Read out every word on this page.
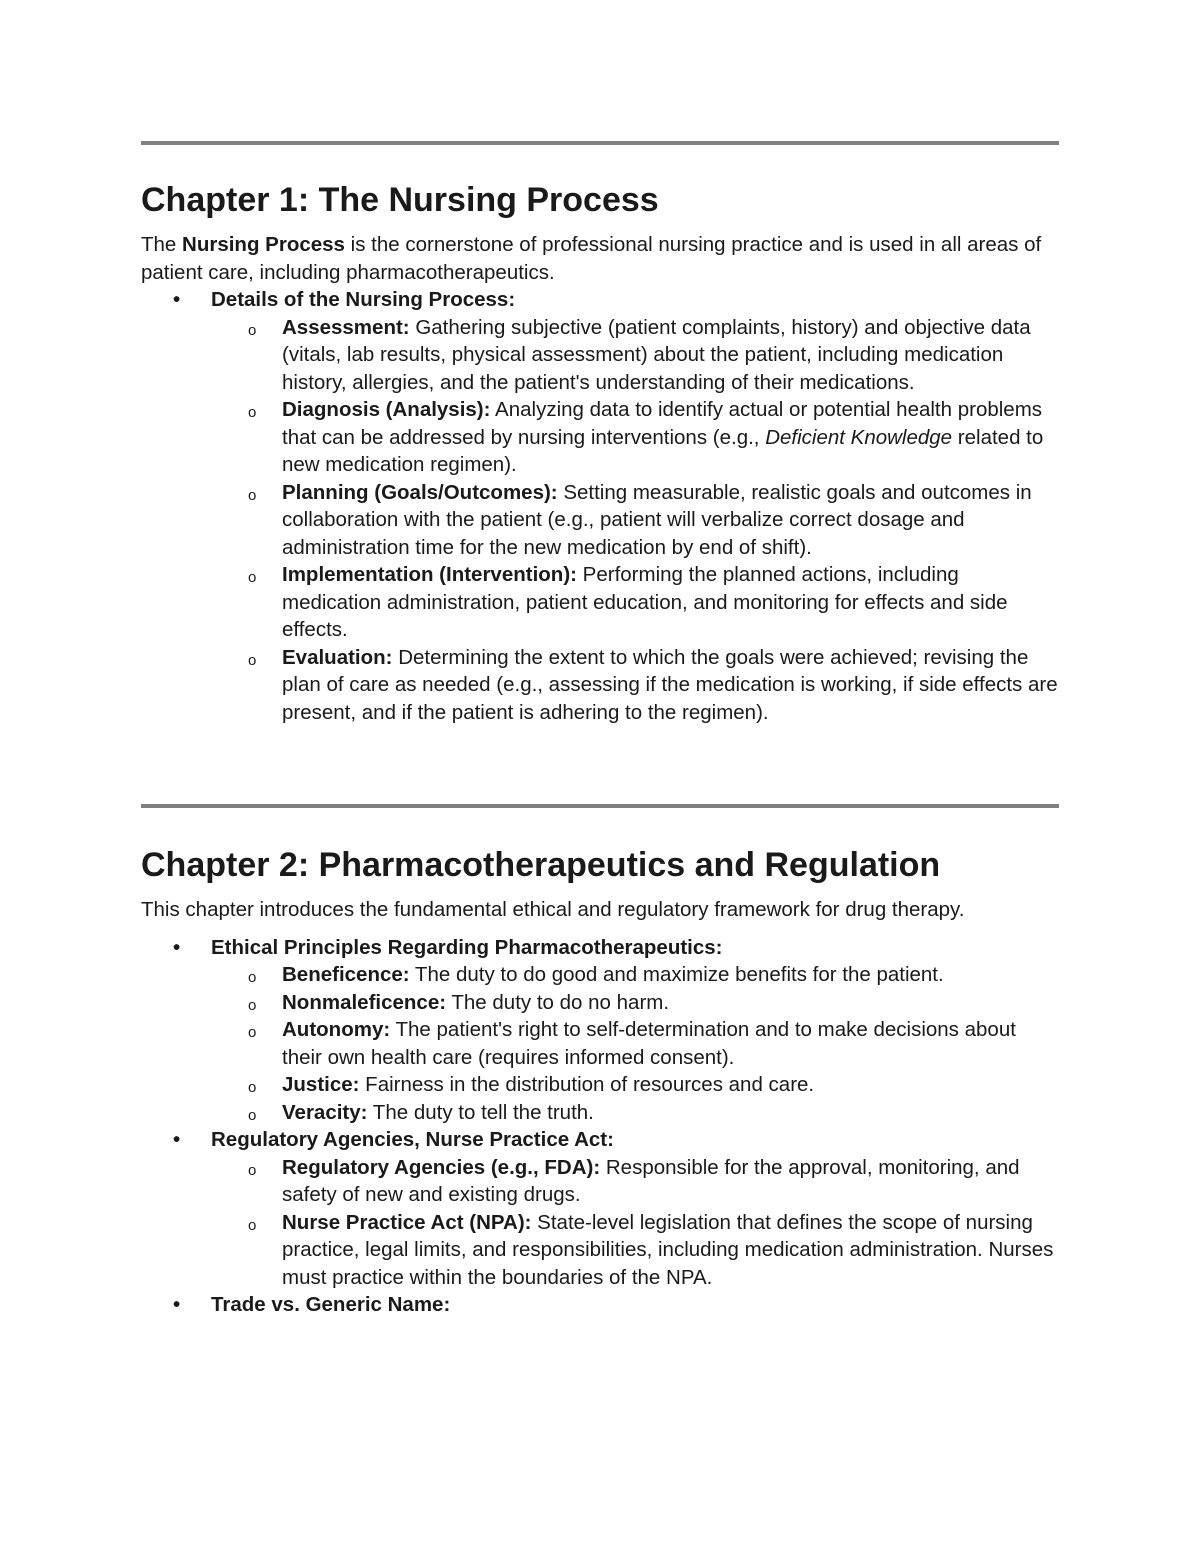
Chapter 1: The Nursing Process

The Nursing Process is the cornerstone of professional nursing practice and is used in all areas of patient care, including pharmacotherapeutics.

• Details of the Nursing Process:
o Assessment: Gathering subjective (patient complaints, history) and objective data (vitals, lab results, physical assessment) about the patient, including medication history, allergies, and the patient's understanding of their medications.
o Diagnosis (Analysis): Analyzing data to identify actual or potential health problems that can be addressed by nursing interventions (e.g., Deficient Knowledge related to new medication regimen).
o Planning (Goals/Outcomes): Setting measurable, realistic goals and outcomes in collaboration with the patient (e.g., patient will verbalize correct dosage and administration time for the new medication by end of shift).
o Implementation (Intervention): Performing the planned actions, including medication administration, patient education, and monitoring for effects and side effects.
o Evaluation: Determining the extent to which the goals were achieved; revising the plan of care as needed (e.g., assessing if the medication is working, if side effects are present, and if the patient is adhering to the regimen).
Chapter 2: Pharmacotherapeutics and Regulation

This chapter introduces the fundamental ethical and regulatory framework for drug therapy.

• Ethical Principles Regarding Pharmacotherapeutics:
o Beneficence: The duty to do good and maximize benefits for the patient.
o Nonmaleficence: The duty to do no harm.
o Autonomy: The patient's right to self-determination and to make decisions about their own health care (requires informed consent).
o Justice: Fairness in the distribution of resources and care.
o Veracity: The duty to tell the truth.
• Regulatory Agencies, Nurse Practice Act:
o Regulatory Agencies (e.g., FDA): Responsible for the approval, monitoring, and safety of new and existing drugs.
o Nurse Practice Act (NPA): State-level legislation that defines the scope of nursing practice, legal limits, and responsibilities, including medication administration. Nurses must practice within the boundaries of the NPA.
• Trade vs. Generic Name:
